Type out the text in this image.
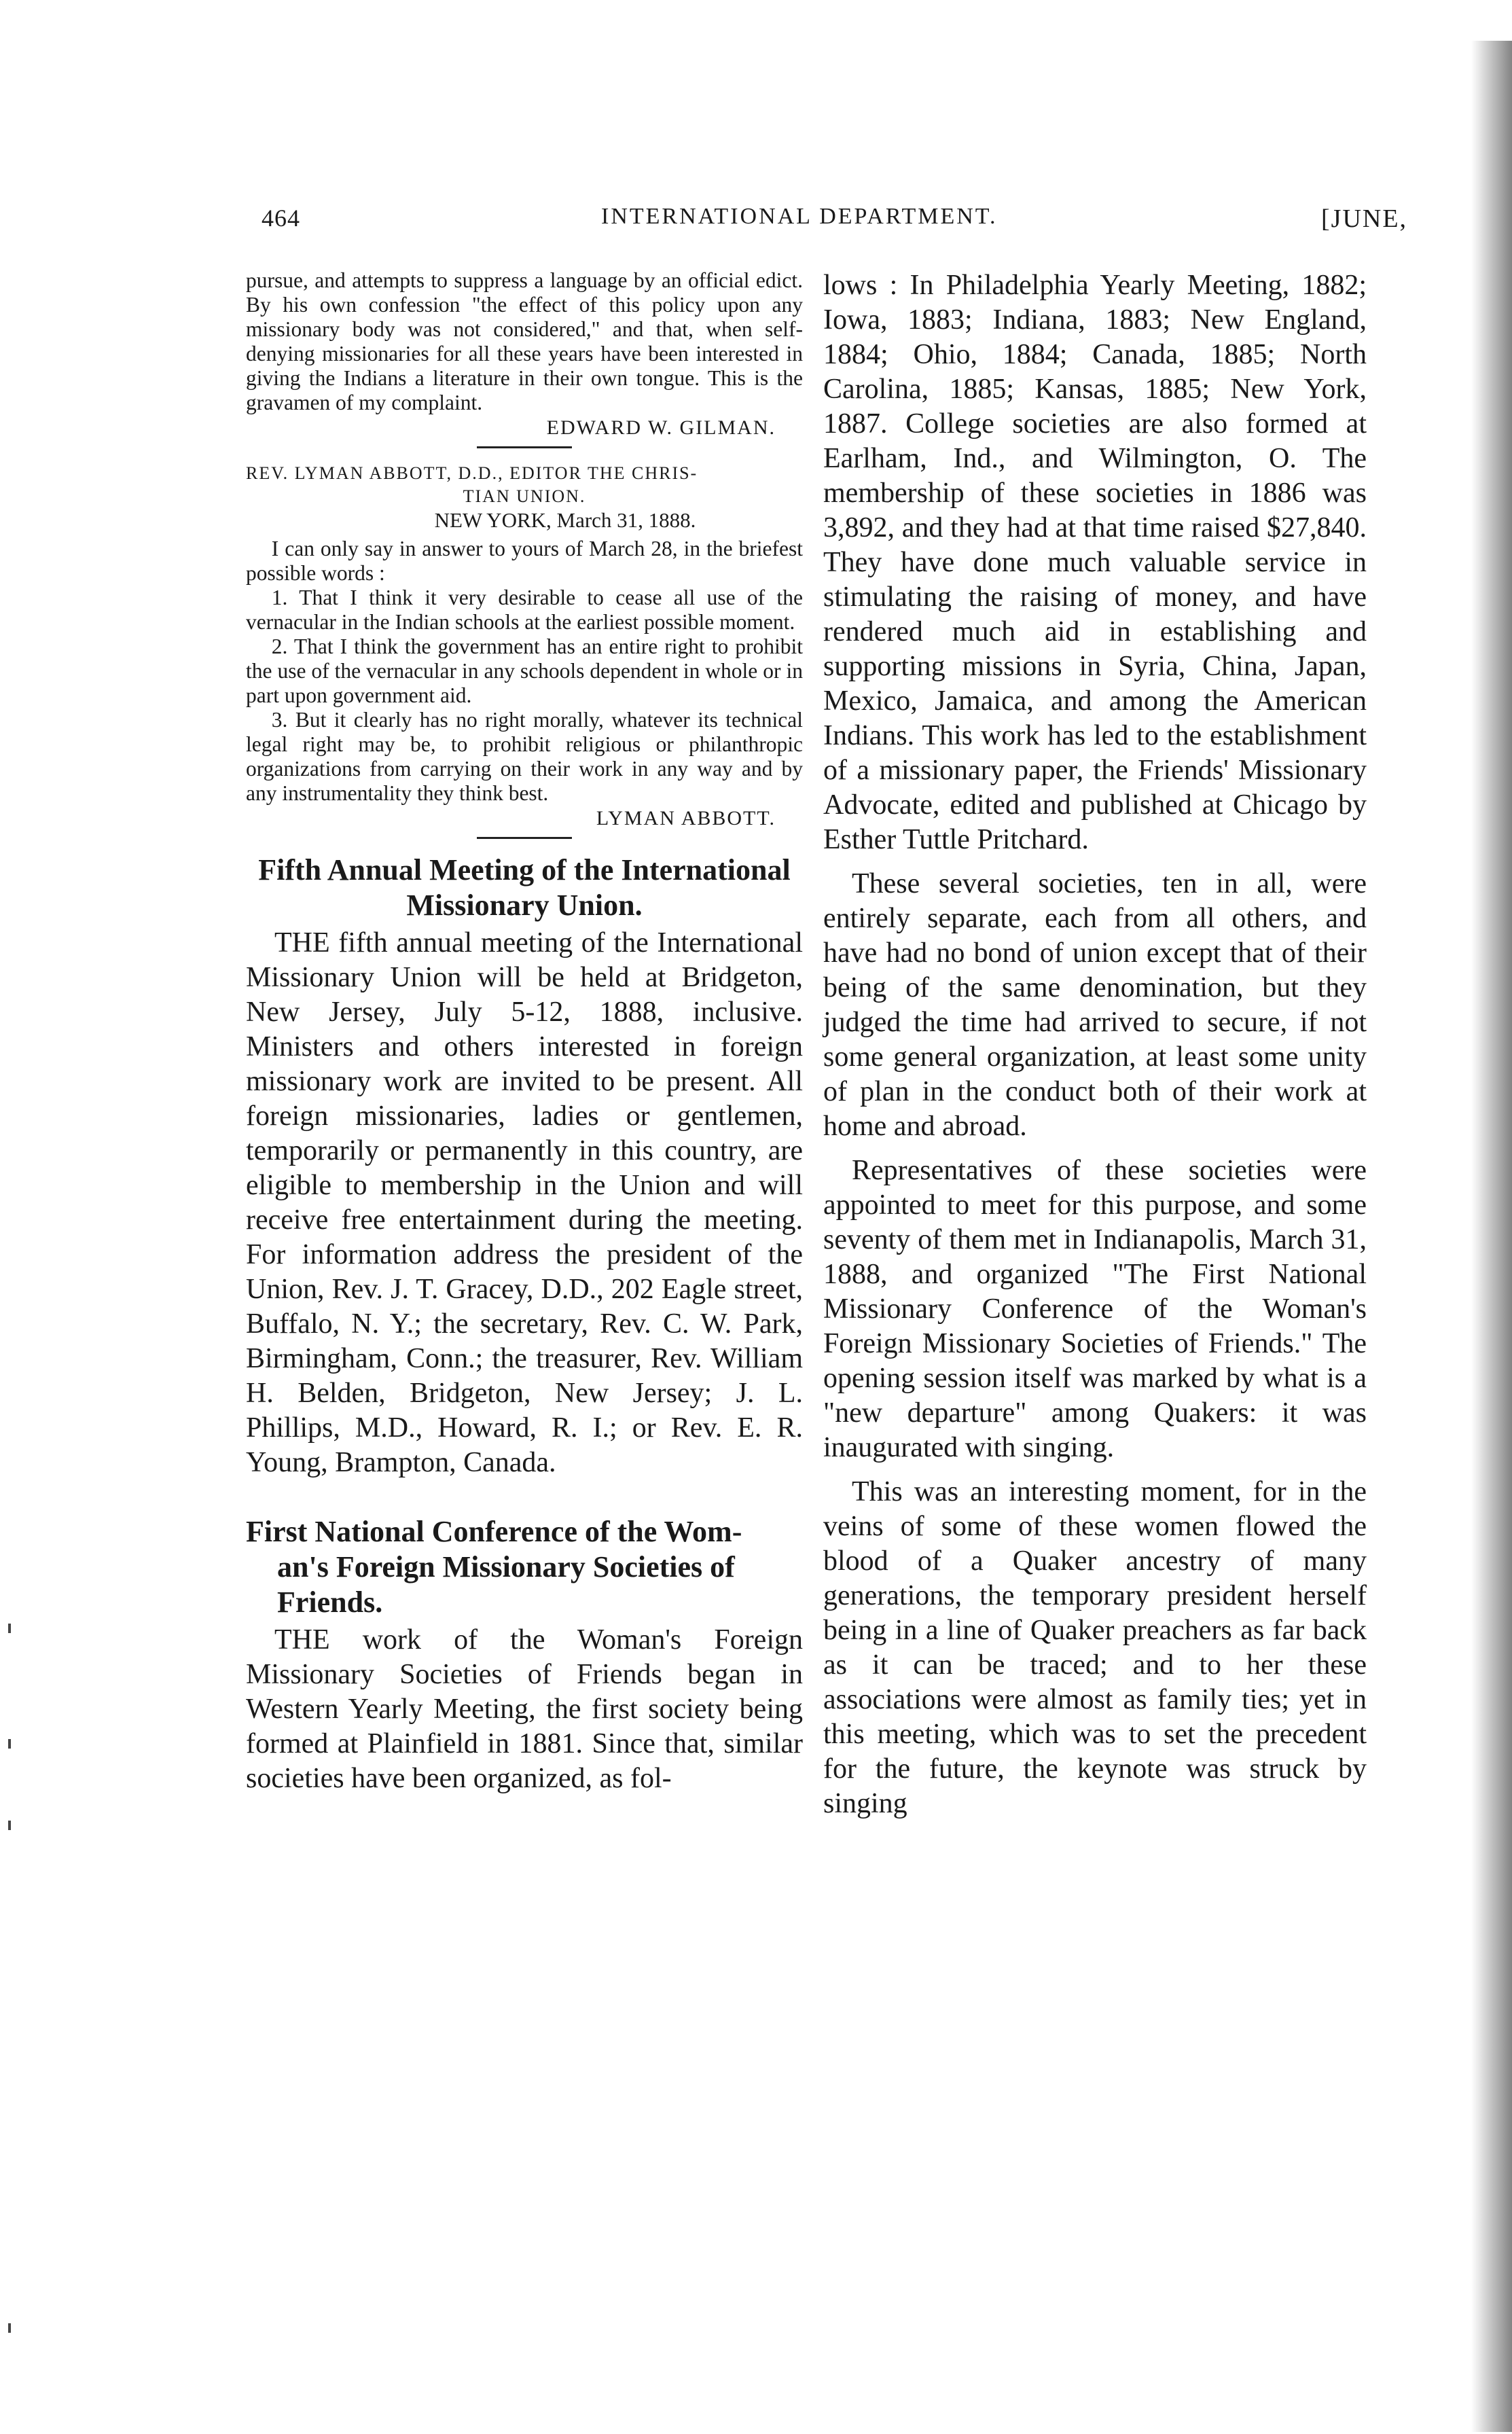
464	INTERNATIONAL DEPARTMENT.	[JUNE,

pursue, and attempts to suppress a language by an official edict. By his own confession "the effect of this policy upon any missionary body was not considered," and that, when self-denying missionaries for all these years have been interested in giving the Indians a literature in their own tongue. This is the gravamen of my complaint.

EDWARD W. GILMAN.

REV. LYMAN ABBOTT, D.D., EDITOR THE CHRIS-
TIAN UNION.

NEW YORK, March 31, 1888.

I can only say in answer to yours of March 28, in the briefest possible words :

1. That I think it very desirable to cease all use of the vernacular in the Indian schools at the earliest possible moment.

2. That I think the government has an entire right to prohibit the use of the vernacular in any schools dependent in whole or in part upon government aid.

3. But it clearly has no right morally, whatever its technical legal right may be, to prohibit religious or philanthropic organizations from carrying on their work in any way and by any instrumentality they think best.

LYMAN ABBOTT.

Fifth Annual Meeting of the International Missionary Union.

THE fifth annual meeting of the International Missionary Union will be held at Bridgeton, New Jersey, July 5-12, 1888, inclusive. Ministers and others interested in foreign missionary work are invited to be present. All foreign missionaries, ladies or gentlemen, temporarily or permanently in this country, are eligible to membership in the Union and will receive free entertainment during the meeting. For information address the president of the Union, Rev. J. T. Gracey, D.D., 202 Eagle street, Buffalo, N. Y.; the secretary, Rev. C. W. Park, Birmingham, Conn.; the treasurer, Rev. William H. Belden, Bridgeton, New Jersey; J. L. Phillips, M.D., Howard, R. I.; or Rev. E. R. Young, Brampton, Canada.

First National Conference of the Wom-
an's Foreign Missionary Societies of
Friends.

THE work of the Woman's Foreign Missionary Societies of Friends began in Western Yearly Meeting, the first society being formed at Plainfield in 1881. Since that, similar societies have been organized, as fol-

lows : In Philadelphia Yearly Meeting, 1882; Iowa, 1883; Indiana, 1883; New England, 1884; Ohio, 1884; Canada, 1885; North Carolina, 1885; Kansas, 1885; New York, 1887. College societies are also formed at Earlham, Ind., and Wilmington, O. The membership of these societies in 1886 was 3,892, and they had at that time raised $27,840. They have done much valuable service in stimulating the raising of money, and have rendered much aid in establishing and supporting missions in Syria, China, Japan, Mexico, Jamaica, and among the American Indians. This work has led to the establishment of a missionary paper, the Friends' Missionary Advocate, edited and published at Chicago by Esther Tuttle Pritchard.

These several societies, ten in all, were entirely separate, each from all others, and have had no bond of union except that of their being of the same denomination, but they judged the time had arrived to secure, if not some general organization, at least some unity of plan in the conduct both of their work at home and abroad.

Representatives of these societies were appointed to meet for this purpose, and some seventy of them met in Indianapolis, March 31, 1888, and organized "The First National Missionary Conference of the Woman's Foreign Missionary Societies of Friends." The opening session itself was marked by what is a "new departure" among Quakers: it was inaugurated with singing.

This was an interesting moment, for in the veins of some of these women flowed the blood of a Quaker ancestry of many generations, the temporary president herself being in a line of Quaker preachers as far back as it can be traced; and to her these associations were almost as family ties; yet in this meeting, which was to set the precedent for the future, the keynote was struck by singing
